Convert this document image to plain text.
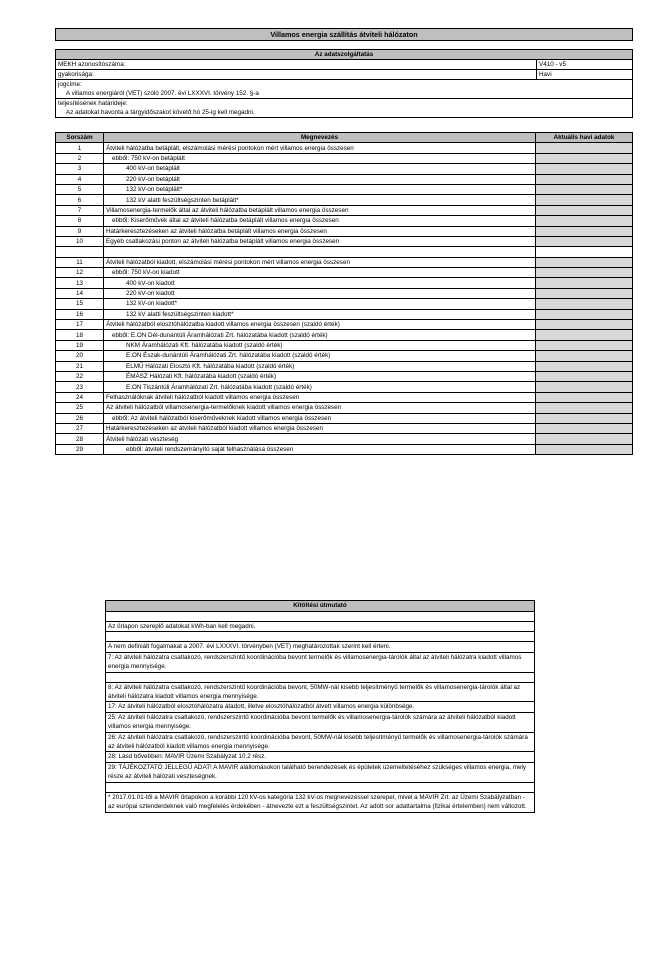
Villamos energia szállítás átviteli hálózaton
Az adatszolgáltatás
MEKH azonosítószáma:	V410 - v5
gyakorisága:	Havi
jogcíme:
A villamos energiáról (VET) szóló 2007. évi LXXXVI. törvény 152. §-a
teljesítésének határideje:
Az adatokat havonta a tárgyidőszakot követő hó 25-ig kell megadni.
Sorszám	Megnevezés	Aktuális havi adatok
1	Átviteli hálózatba betáplált, elszámolási mérési pontokon mért villamos energia összesen	
2	ebből: 750 kV-on betáplált	
3	400 kV-on betáplált	
4	220 kV-on betáplált	
5	132 kV-on betáplált*	
6	132 kV alatti feszültségszinten betáplált*	
7	Villamosenergia-termelők által az átviteli hálózatba betáplált villamos energia összesen	
8	ebből: Kiserőművek által az átviteli hálózatba betáplált villamos energia összesen	
9	Határkeresztezéseken az átviteli hálózatba betáplált villamos energia összesen	
10	Egyéb csatlakozási ponton az átviteli hálózatba betáplált villamos energia összesen	

11	Átviteli hálózatból kiadott, elszámolási mérési pontokon mért villamos energia összesen	
12	ebből: 750 kV-on kiadott	
13	400 kV-on kiadott	
14	220 kV-on kiadott	
15	132 kV-on kiadott*	
16	132 kV alatti feszültségszinten kiadott*	
17	Átviteli hálózatból elosztóhálózatba kiadott villamos energia összesen (szaldó érték)	
18	ebből: E.ON Dél-dunántúli Áramhálózati Zrt. hálózatába kiadott (szaldó érték)	
19	NKM Áramhálózati Kft. hálózatába kiadott (szaldó érték)	
20	E.ON Észak-dunántúli Áramhálózati Zrt. hálózatába kiadott (szaldó érték)	
21	ELMŰ Hálózati Elosztó Kft. hálózatába kiadott (szaldó érték)	
22	ÉMÁSZ Hálózati Kft. hálózatába kiadott (szaldó érték)	
23	E.ON Tiszántúli Áramhálózati Zrt. hálózatába kiadott (szaldó érték)	
24	Felhasználóknak átviteli hálózatból kiadott villamos energia összesen	
25	Az átviteli hálózatból villamosenergia-termelőknek kiadott villamos energia összesen	
26	ebből: Az átviteli hálózatból kiserőműveknek kiadott villamos energia összesen	
27	Határkeresztezéseken az átviteli hálózatból kiadott villamos energia összesen	
28	Átviteli hálózati veszteség	
29	ebből: átviteli rendszerirányító saját felhasználása összesen	
Kitöltési útmutató
Az űrlapon szereplő adatokat kWh-ban kell megadni.
A nem definiált fogalmakat a 2007. évi LXXXVI. törvényben (VET) meghatározottak szerint kell érteni.
7: Az átviteli hálózatra csatlakozó, rendszerszintű koordinációba bevont termelők és villamosenergia-tárolók által az átviteli hálózatra kiadott villamos energia mennyisége.
8: Az átviteli hálózatra csatlakozó, rendszerszintű koordinációba bevont, 50MW-nál kisebb teljesítményű termelők és villamosenergia-tárolók által az átviteli hálózatra kiadott villamos energia mennyisége.
17: Az átviteli hálózatból elosztóhálózatra átadott, illetve elosztóhálózatból átvett villamos energia különbsége.
25: Az átviteli hálózatra csatlakozó, rendszerszintű koordinációba bevont termelők és villamosenergia-tárolók számára az átviteli hálózatból kiadott villamos energia mennyisége.
26: Az átviteli hálózatra csatlakozó, rendszerszintű koordinációba bevont, 50MW-nál kisebb teljesítményű termelők és villamosenergia-tárolók számára az átviteli hálózatból kiadott villamos energia mennyisége.
28: Lásd bővebben: MAVIR Üzemi Szabályzat 10.2 rész.
29: TÁJÉKOZTATÓ JELLEGŰ ADAT! A MAVIR alállomásokon található berendezések és épületek üzemeltetéséhez szükséges villamos energia, mely része az átviteli hálózati veszteségnek.
* 2017.01.01-től a MAVIR űrlapokon a korábbi 120 kV-os kategória 132 kV-os megnevezéssel szerepel, mivel a MAVIR Zrt. az Üzemi Szabályzatban - az európai sztenderdeknek való megfelelés érdekében - átnevezte ezt a feszültségszintet. Az adott sor adattartalma (fizikai értelemben) nem változott.
